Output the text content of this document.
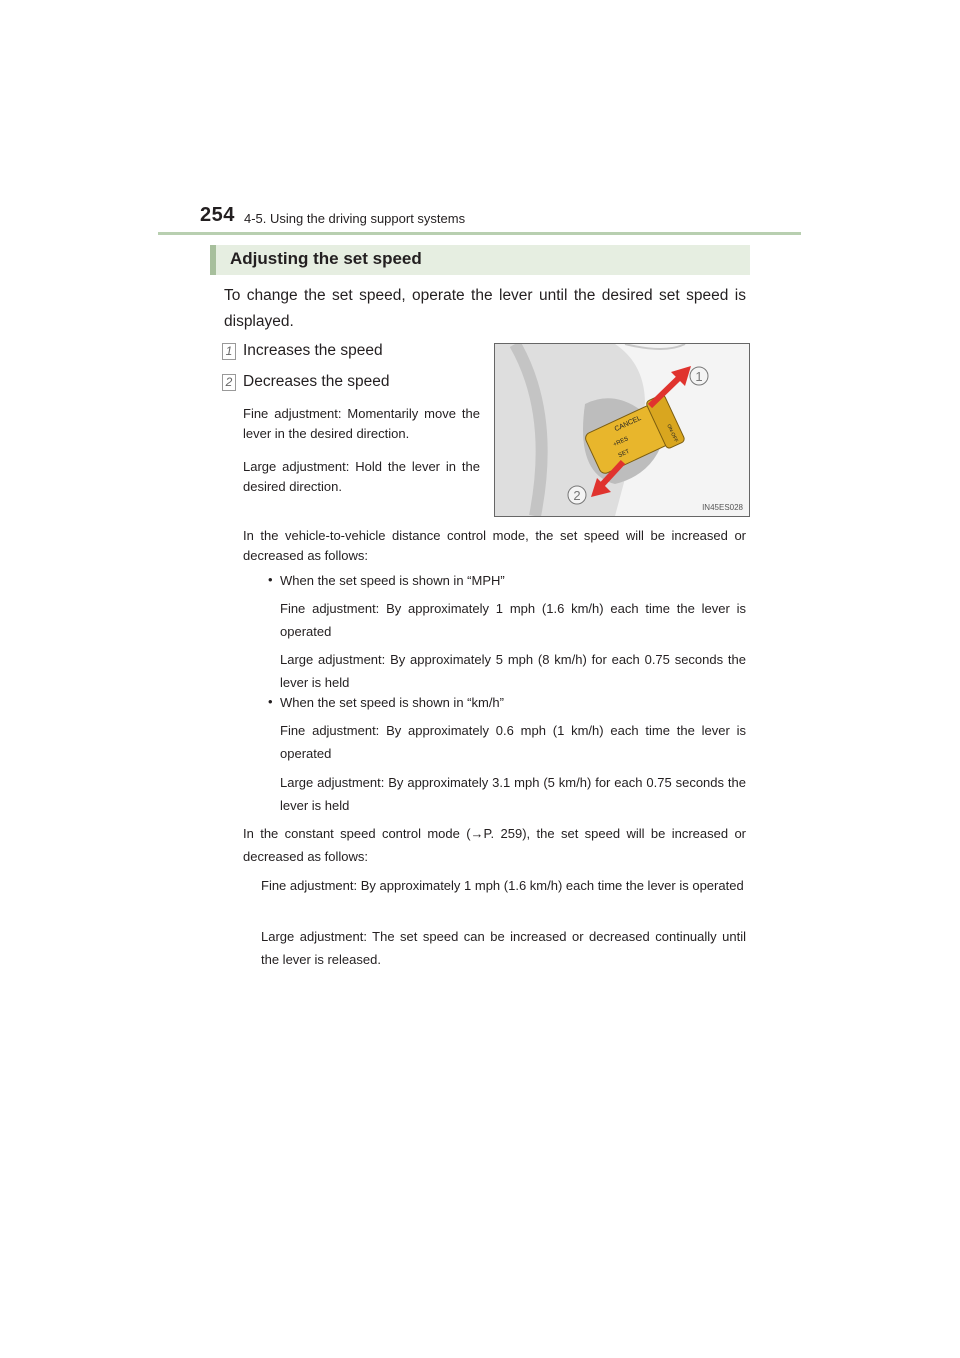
254 4-5. Using the driving support systems
Adjusting the set speed
To change the set speed, operate the lever until the desired set speed is displayed.
1 Increases the speed
2 Decreases the speed
Fine adjustment: Momentarily move the lever in the desired direction.
Large adjustment: Hold the lever in the desired direction.
CANCEL
+RES
SET
ON-OFF
1
2
IN45ES028
In the vehicle-to-vehicle distance control mode, the set speed will be increased or decreased as follows:
• When the set speed is shown in “MPH”
Fine adjustment: By approximately 1 mph (1.6 km/h) each time the lever is operated
Large adjustment: By approximately 5 mph (8 km/h) for each 0.75 seconds the lever is held
• When the set speed is shown in “km/h”
Fine adjustment: By approximately 0.6 mph (1 km/h) each time the lever is operated
Large adjustment: By approximately 3.1 mph (5 km/h) for each 0.75 seconds the lever is held
In the constant speed control mode (→P. 259), the set speed will be increased or decreased as follows:
Fine adjustment: By approximately 1 mph (1.6 km/h) each time the lever is operated
Large adjustment: The set speed can be increased or decreased continually until the lever is released.
